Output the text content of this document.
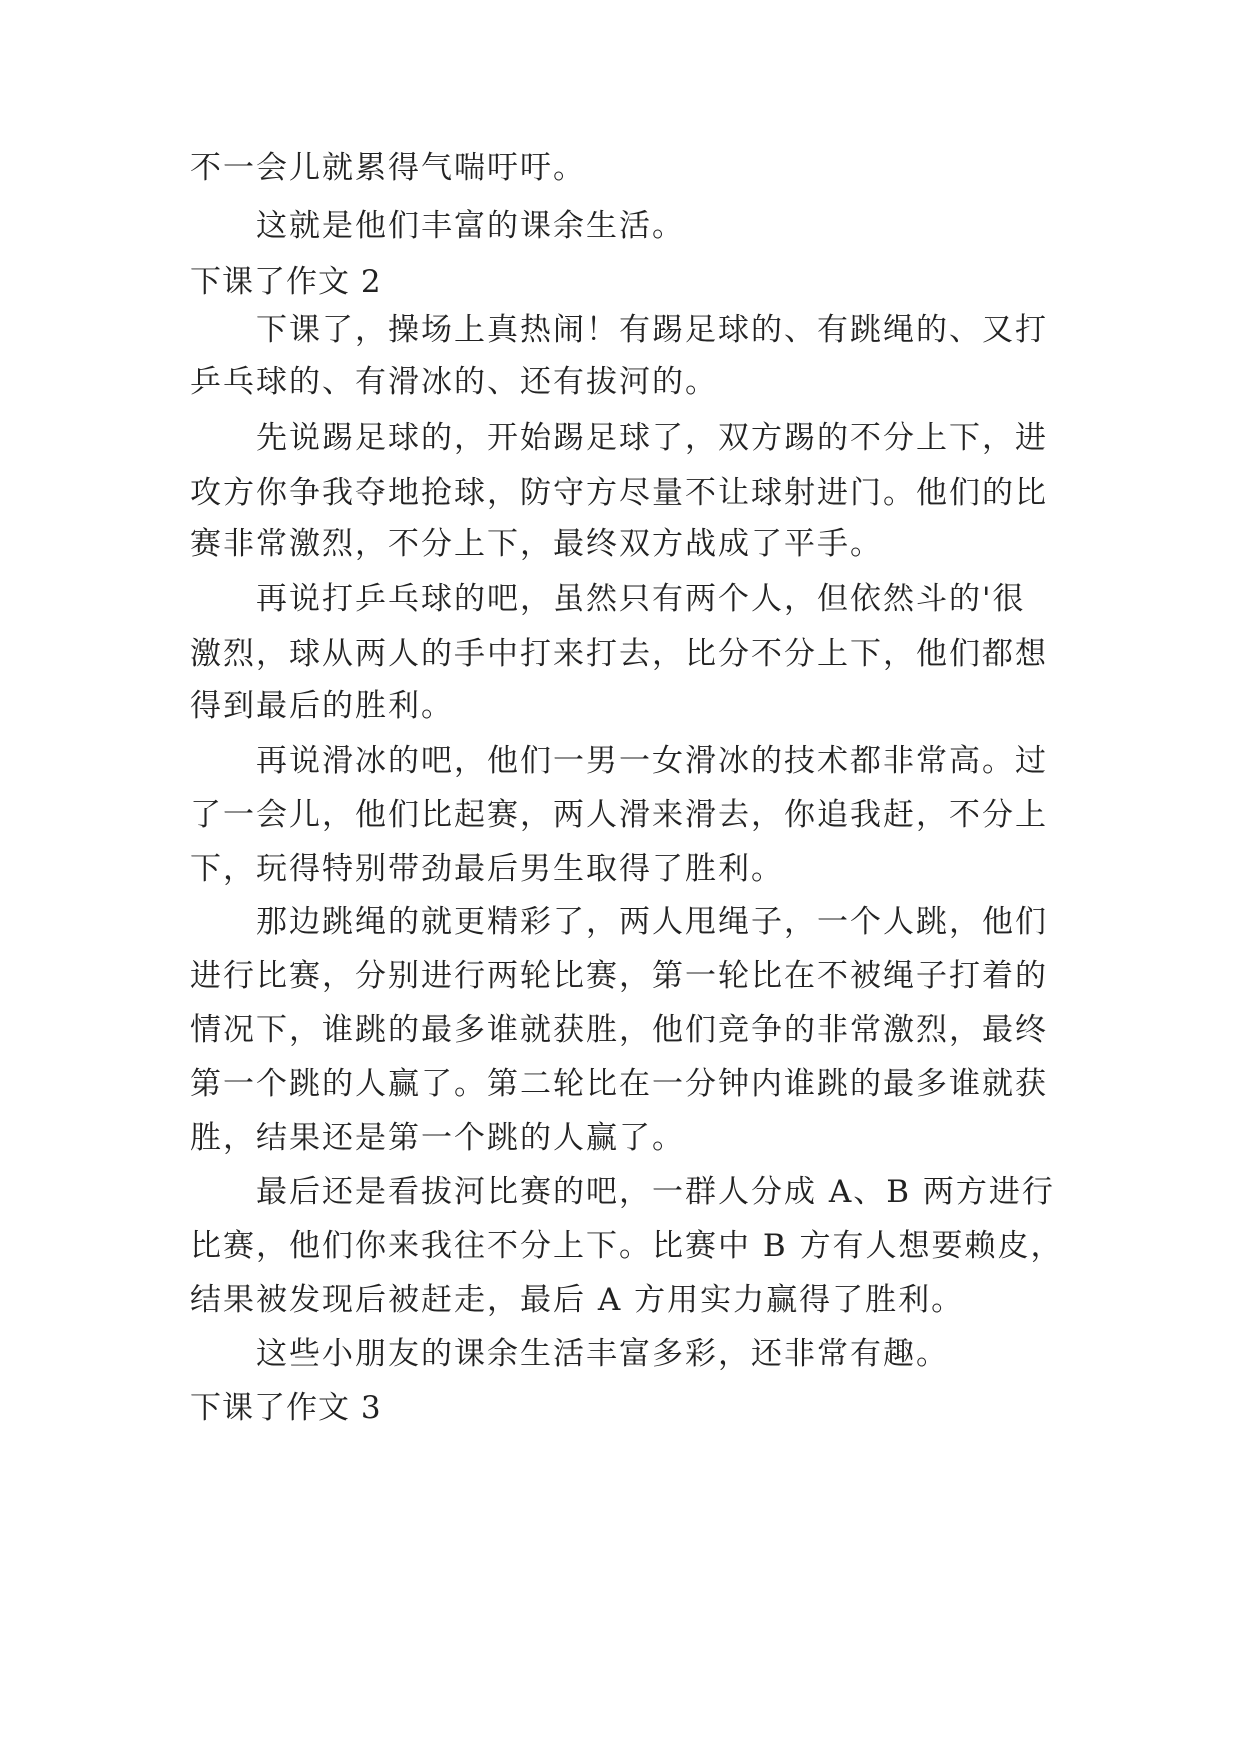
不一会儿就累得气喘吁吁。
这就是他们丰富的课余生活。
下课了作文 2
下课了，操场上真热闹！有踢足球的、有跳绳的、又打
乒乓球的、有滑冰的、还有拔河的。
先说踢足球的，开始踢足球了，双方踢的不分上下，进
攻方你争我夺地抢球，防守方尽量不让球射进门。他们的比
赛非常激烈，不分上下，最终双方战成了平手。
再说打乒乓球的吧，虽然只有两个人，但依然斗的'很
激烈，球从两人的手中打来打去，比分不分上下，他们都想
得到最后的胜利。
再说滑冰的吧，他们一男一女滑冰的技术都非常高。过
了一会儿，他们比起赛，两人滑来滑去，你追我赶，不分上
下，玩得特别带劲最后男生取得了胜利。
那边跳绳的就更精彩了，两人甩绳子，一个人跳，他们
进行比赛，分别进行两轮比赛，第一轮比在不被绳子打着的
情况下，谁跳的最多谁就获胜，他们竞争的非常激烈，最终
第一个跳的人赢了。第二轮比在一分钟内谁跳的最多谁就获
胜，结果还是第一个跳的人赢了。
最后还是看拔河比赛的吧，一群人分成 A、B 两方进行
比赛，他们你来我往不分上下。比赛中 B 方有人想要赖皮，
结果被发现后被赶走，最后 A 方用实力赢得了胜利。
这些小朋友的课余生活丰富多彩，还非常有趣。
下课了作文 3
